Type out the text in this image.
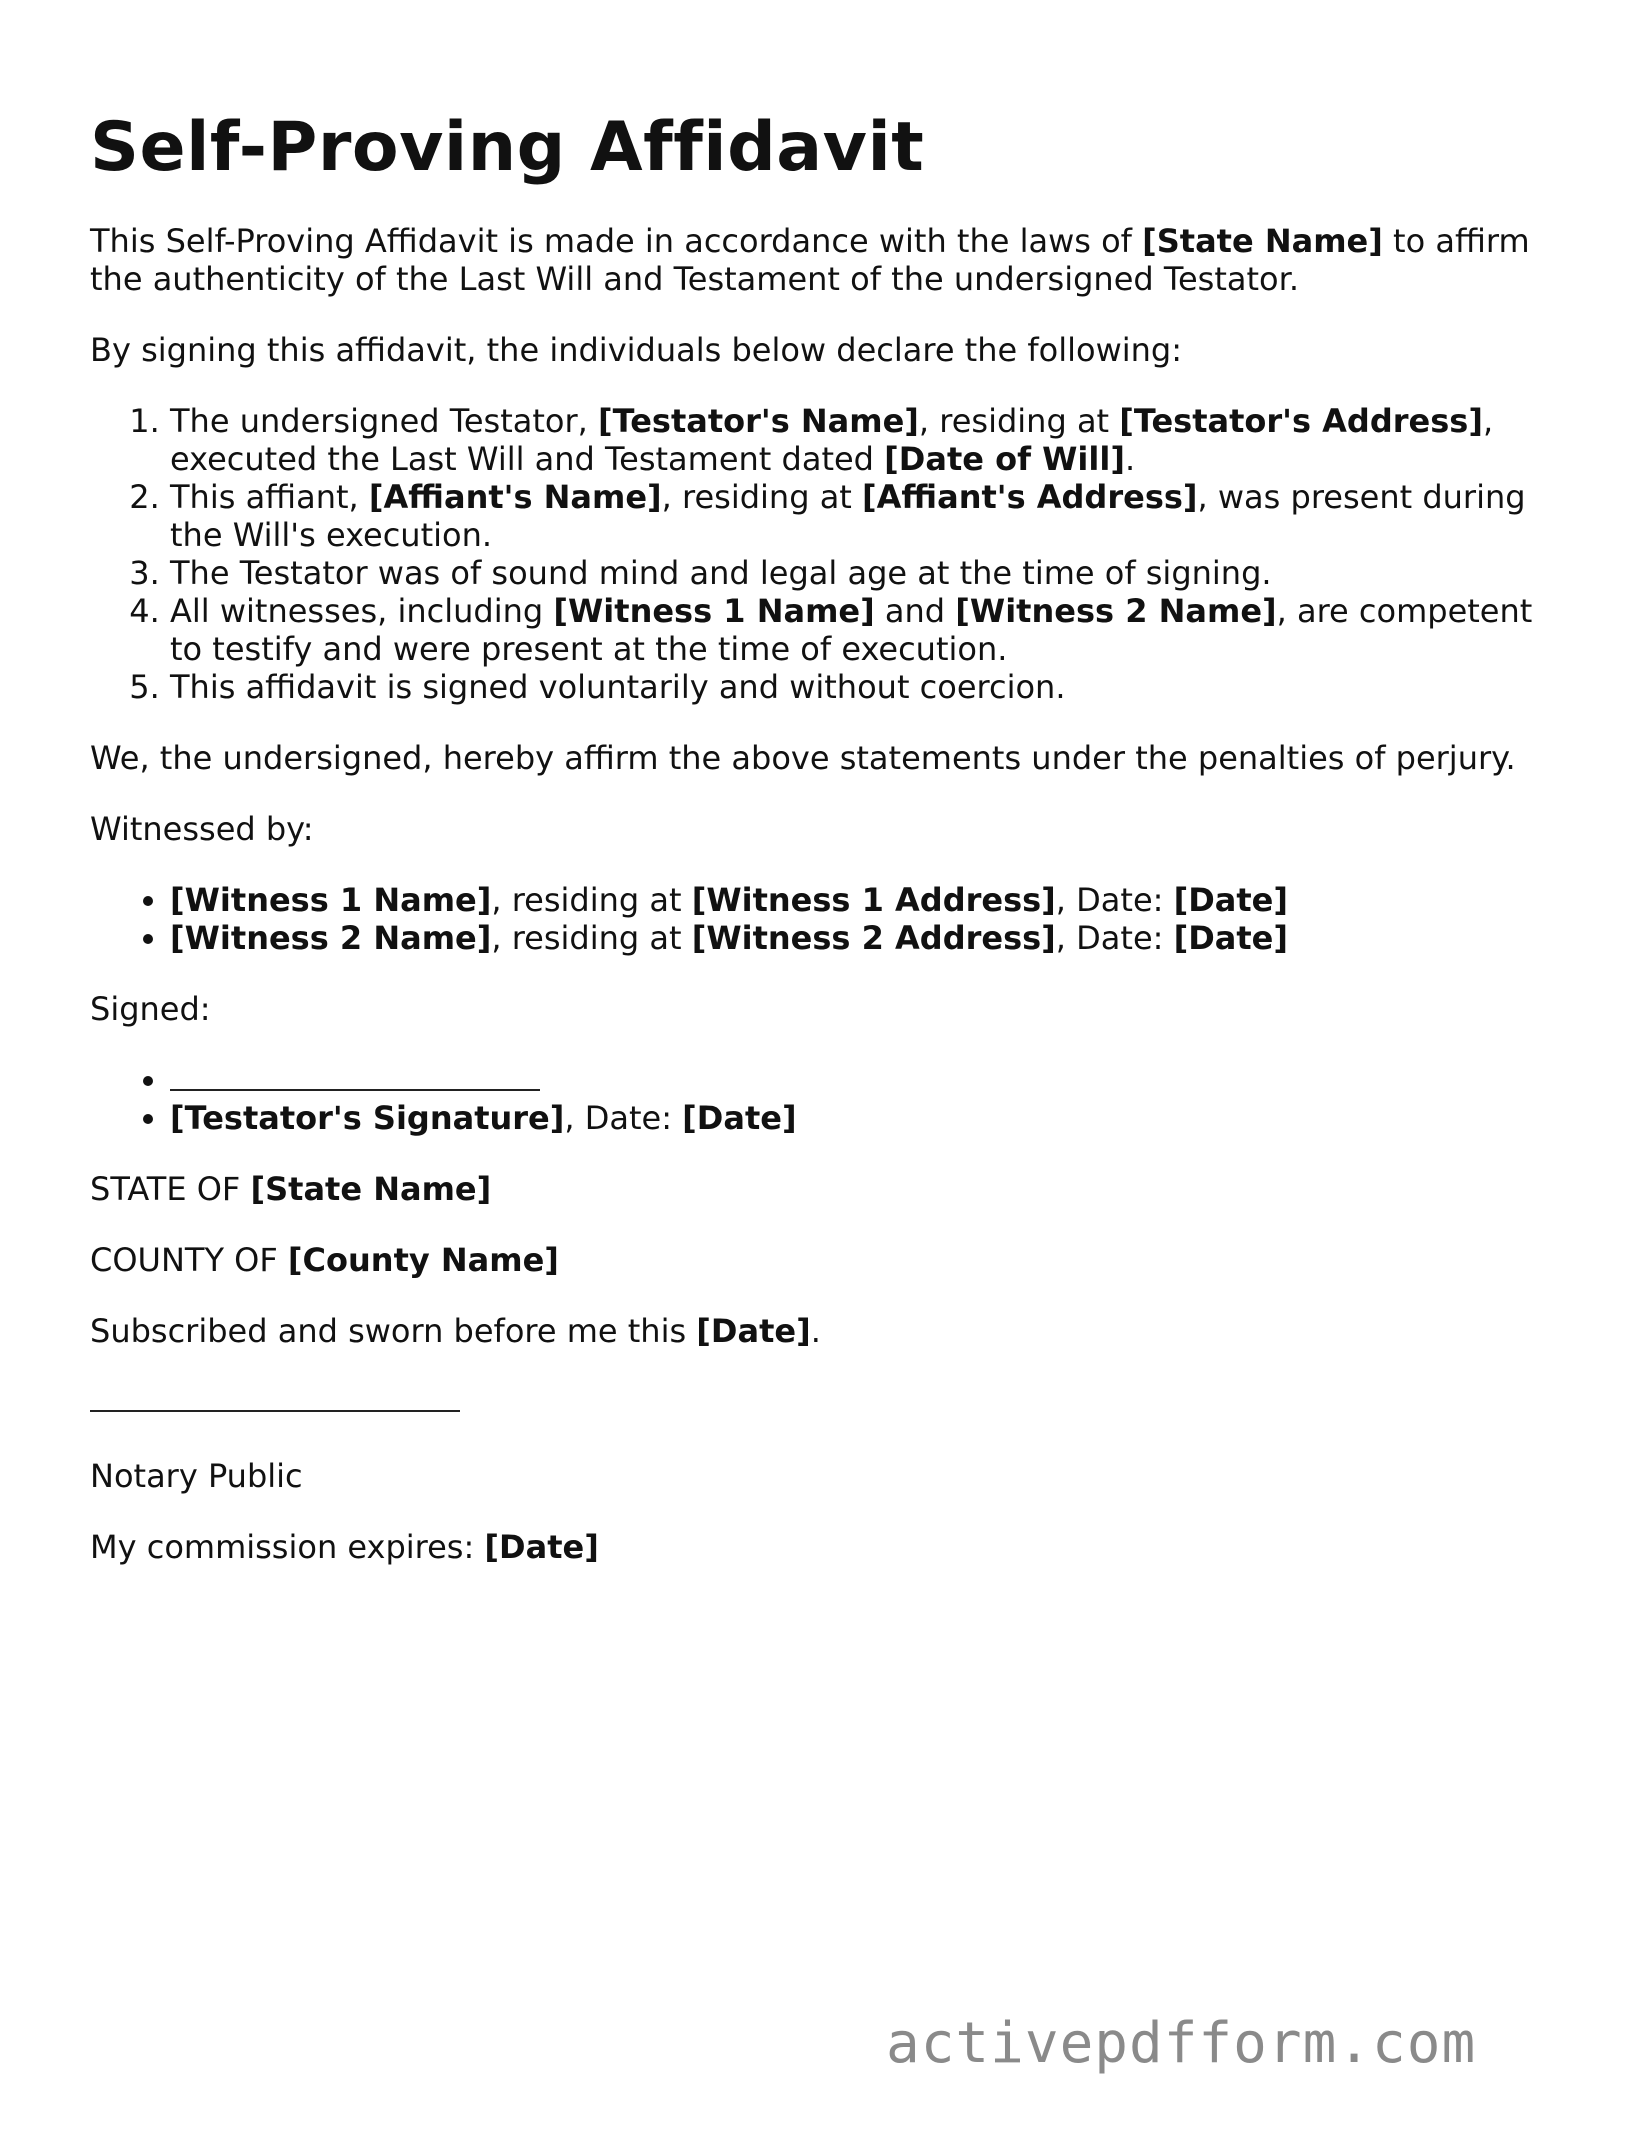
Self-Proving Affidavit

This Self-Proving Affidavit is made in accordance with the laws of [State Name] to affirm the authenticity of the Last Will and Testament of the undersigned Testator.

By signing this affidavit, the individuals below declare the following:

1. The undersigned Testator, [Testator's Name], residing at [Testator's Address], executed the Last Will and Testament dated [Date of Will].
2. This affiant, [Affiant's Name], residing at [Affiant's Address], was present during the Will's execution.
3. The Testator was of sound mind and legal age at the time of signing.
4. All witnesses, including [Witness 1 Name] and [Witness 2 Name], are competent to testify and were present at the time of execution.
5. This affidavit is signed voluntarily and without coercion.

We, the undersigned, hereby affirm the above statements under the penalties of perjury.

Witnessed by:

• [Witness 1 Name], residing at [Witness 1 Address], Date: [Date]
• [Witness 2 Name], residing at [Witness 2 Address], Date: [Date]

Signed:

•
• [Testator's Signature], Date: [Date]

STATE OF [State Name]

COUNTY OF [County Name]

Subscribed and sworn before me this [Date].

Notary Public

My commission expires: [Date]

activepdfform.com
